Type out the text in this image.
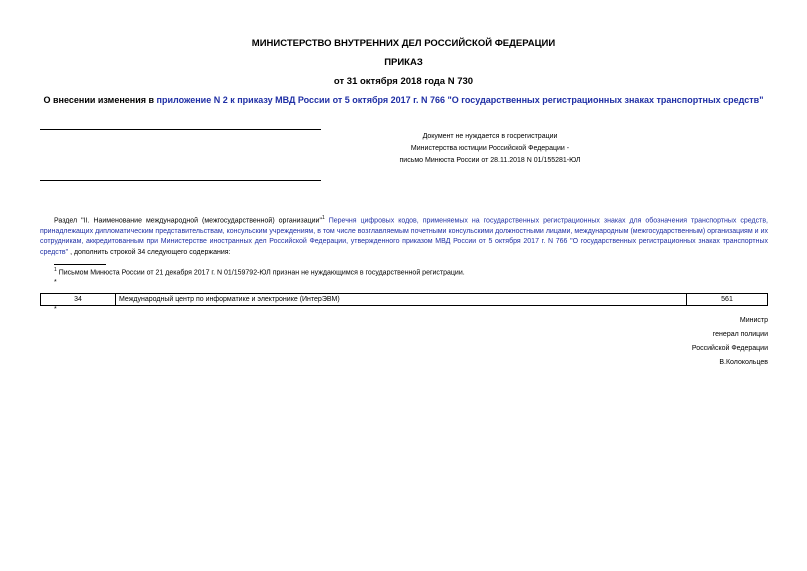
МИНИСТЕРСТВО ВНУТРЕННИХ ДЕЛ РОССИЙСКОЙ ФЕДЕРАЦИИ
ПРИКАЗ
от 31 октября 2018 года N 730
О внесении изменения в приложение N 2 к приказу МВД России от 5 октября 2017 г. N 766 "О государственных регистрационных знаках транспортных средств"
Документ не нуждается в госрегистрации
Министерства юстиции Российской Федерации -
письмо Минюста России от 28.11.2018 N 01/155281-ЮЛ
Раздел "II. Наименование международной (межгосударственной) организации"$^1$ Перечня цифровых кодов, применяемых на государственных регистрационных знаках для обозначения транспортных средств, принадлежащих дипломатическим представительствам, консульским учреждениям, в том числе возглавляемым почетными консульскими должностными лицами, международным (межгосударственным) организациям и их сотрудникам, аккредитованным при Министерстве иностранных дел Российской Федерации, утвержденного приказом МВД России от 5 октября 2017 г. N 766 "О государственных регистрационных знаках транспортных средств" , дополнить строкой 34 следующего содержания:
$^1$ Письмом Минюста России от 21 декабря 2017 г. N 01/159792-ЮЛ признан не нуждающимся в государственной регистрации.
*
34	Международный центр по информатике и электронике (ИнтерЭВМ)	561
*
Министр
генерал полиции
Российской Федерации
В.Колокольцев
